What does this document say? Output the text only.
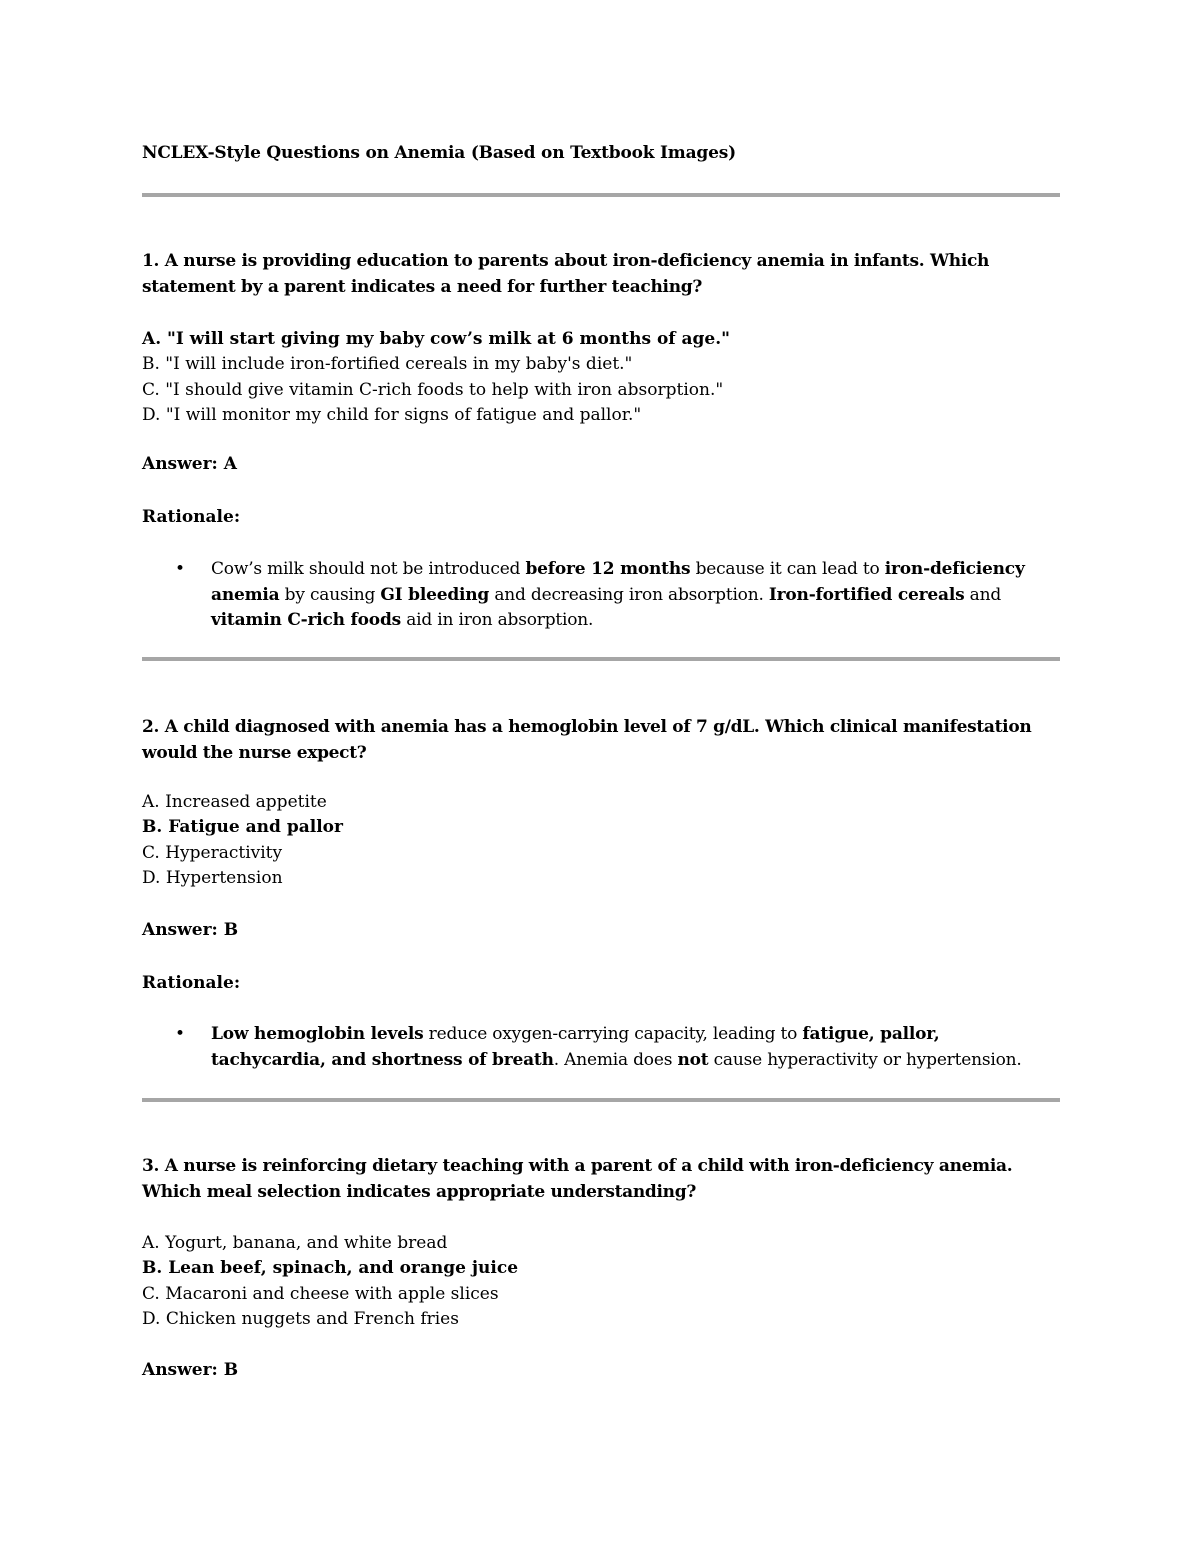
NCLEX-Style Questions on Anemia (Based on Textbook Images)
1. A nurse is providing education to parents about iron-deficiency anemia in infants. Which statement by a parent indicates a need for further teaching?
A. "I will start giving my baby cow’s milk at 6 months of age."
B. "I will include iron-fortified cereals in my baby's diet."
C. "I should give vitamin C-rich foods to help with iron absorption."
D. "I will monitor my child for signs of fatigue and pallor."
Answer: A
Rationale:
• Cow’s milk should not be introduced before 12 months because it can lead to iron-deficiency anemia by causing GI bleeding and decreasing iron absorption. Iron-fortified cereals and vitamin C-rich foods aid in iron absorption.
2. A child diagnosed with anemia has a hemoglobin level of 7 g/dL. Which clinical manifestation would the nurse expect?
A. Increased appetite
B. Fatigue and pallor
C. Hyperactivity
D. Hypertension
Answer: B
Rationale:
• Low hemoglobin levels reduce oxygen-carrying capacity, leading to fatigue, pallor, tachycardia, and shortness of breath. Anemia does not cause hyperactivity or hypertension.
3. A nurse is reinforcing dietary teaching with a parent of a child with iron-deficiency anemia. Which meal selection indicates appropriate understanding?
A. Yogurt, banana, and white bread
B. Lean beef, spinach, and orange juice
C. Macaroni and cheese with apple slices
D. Chicken nuggets and French fries
Answer: B
